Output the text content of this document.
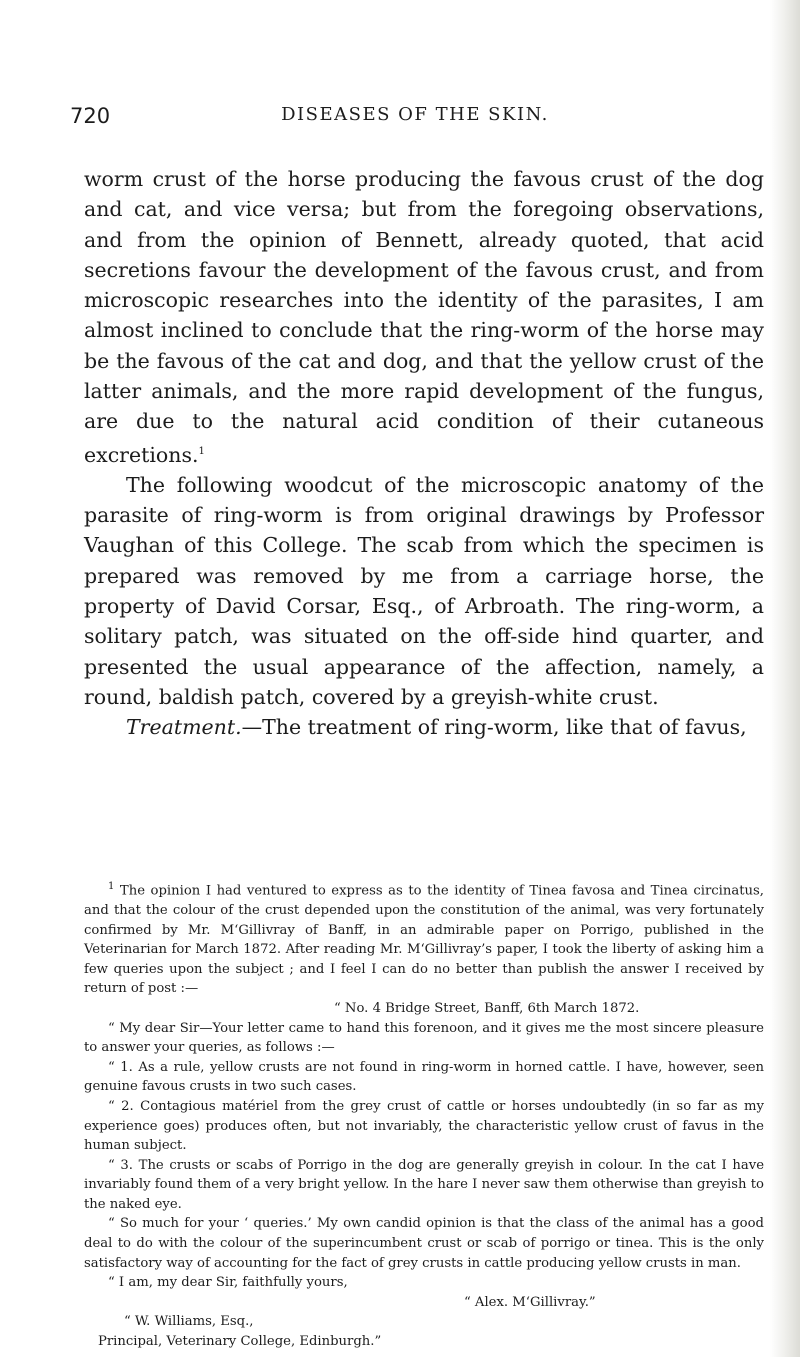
720	DISEASES OF THE SKIN.

worm crust of the horse producing the favous crust of the dog and cat, and vice versa; but from the foregoing observations, and from the opinion of Bennett, already quoted, that acid secretions favour the development of the favous crust, and from microscopic researches into the identity of the parasites, I am almost inclined to conclude that the ring-worm of the horse may be the favous of the cat and dog, and that the yellow crust of the latter animals, and the more rapid development of the fungus, are due to the natural acid condition of their cutaneous excretions.$^1$

The following woodcut of the microscopic anatomy of the parasite of ring-worm is from original drawings by Professor Vaughan of this College. The scab from which the specimen is prepared was removed by me from a carriage horse, the property of David Corsar, Esq., of Arbroath. The ring-worm, a solitary patch, was situated on the off-side hind quarter, and presented the usual appearance of the affection, namely, a round, baldish patch, covered by a greyish-white crust.

Treatment.—The treatment of ring-worm, like that of favus,

$^1$ The opinion I had ventured to express as to the identity of Tinea favosa and Tinea circinatus, and that the colour of the crust depended upon the constitution of the animal, was very fortunately confirmed by Mr. M‘Gillivray of Banff, in an admirable paper on Porrigo, published in the Veterinarian for March 1872. After reading Mr. M‘Gillivray’s paper, I took the liberty of asking him a few queries upon the subject ; and I feel I can do no better than publish the answer I received by return of post :—

“ No. 4 Bridge Street, Banff, 6th March 1872.

“ My dear Sir—Your letter came to hand this forenoon, and it gives me the most sincere pleasure to answer your queries, as follows :—

“ 1. As a rule, yellow crusts are not found in ring-worm in horned cattle. I have, however, seen genuine favous crusts in two such cases.

“ 2. Contagious matériel from the grey crust of cattle or horses undoubtedly (in so far as my experience goes) produces often, but not invariably, the characteristic yellow crust of favus in the human subject.

“ 3. The crusts or scabs of Porrigo in the dog are generally greyish in colour. In the cat I have invariably found them of a very bright yellow. In the hare I never saw them otherwise than greyish to the naked eye.

“ So much for your ‘ queries.’ My own candid opinion is that the class of the animal has a good deal to do with the colour of the superincumbent crust or scab of porrigo or tinea. This is the only satisfactory way of accounting for the fact of grey crusts in cattle producing yellow crusts in man.

“ I am, my dear Sir, faithfully yours,

“ Alex. M‘Gillivray.”

“ W. Williams, Esq.,

Principal, Veterinary College, Edinburgh.”
